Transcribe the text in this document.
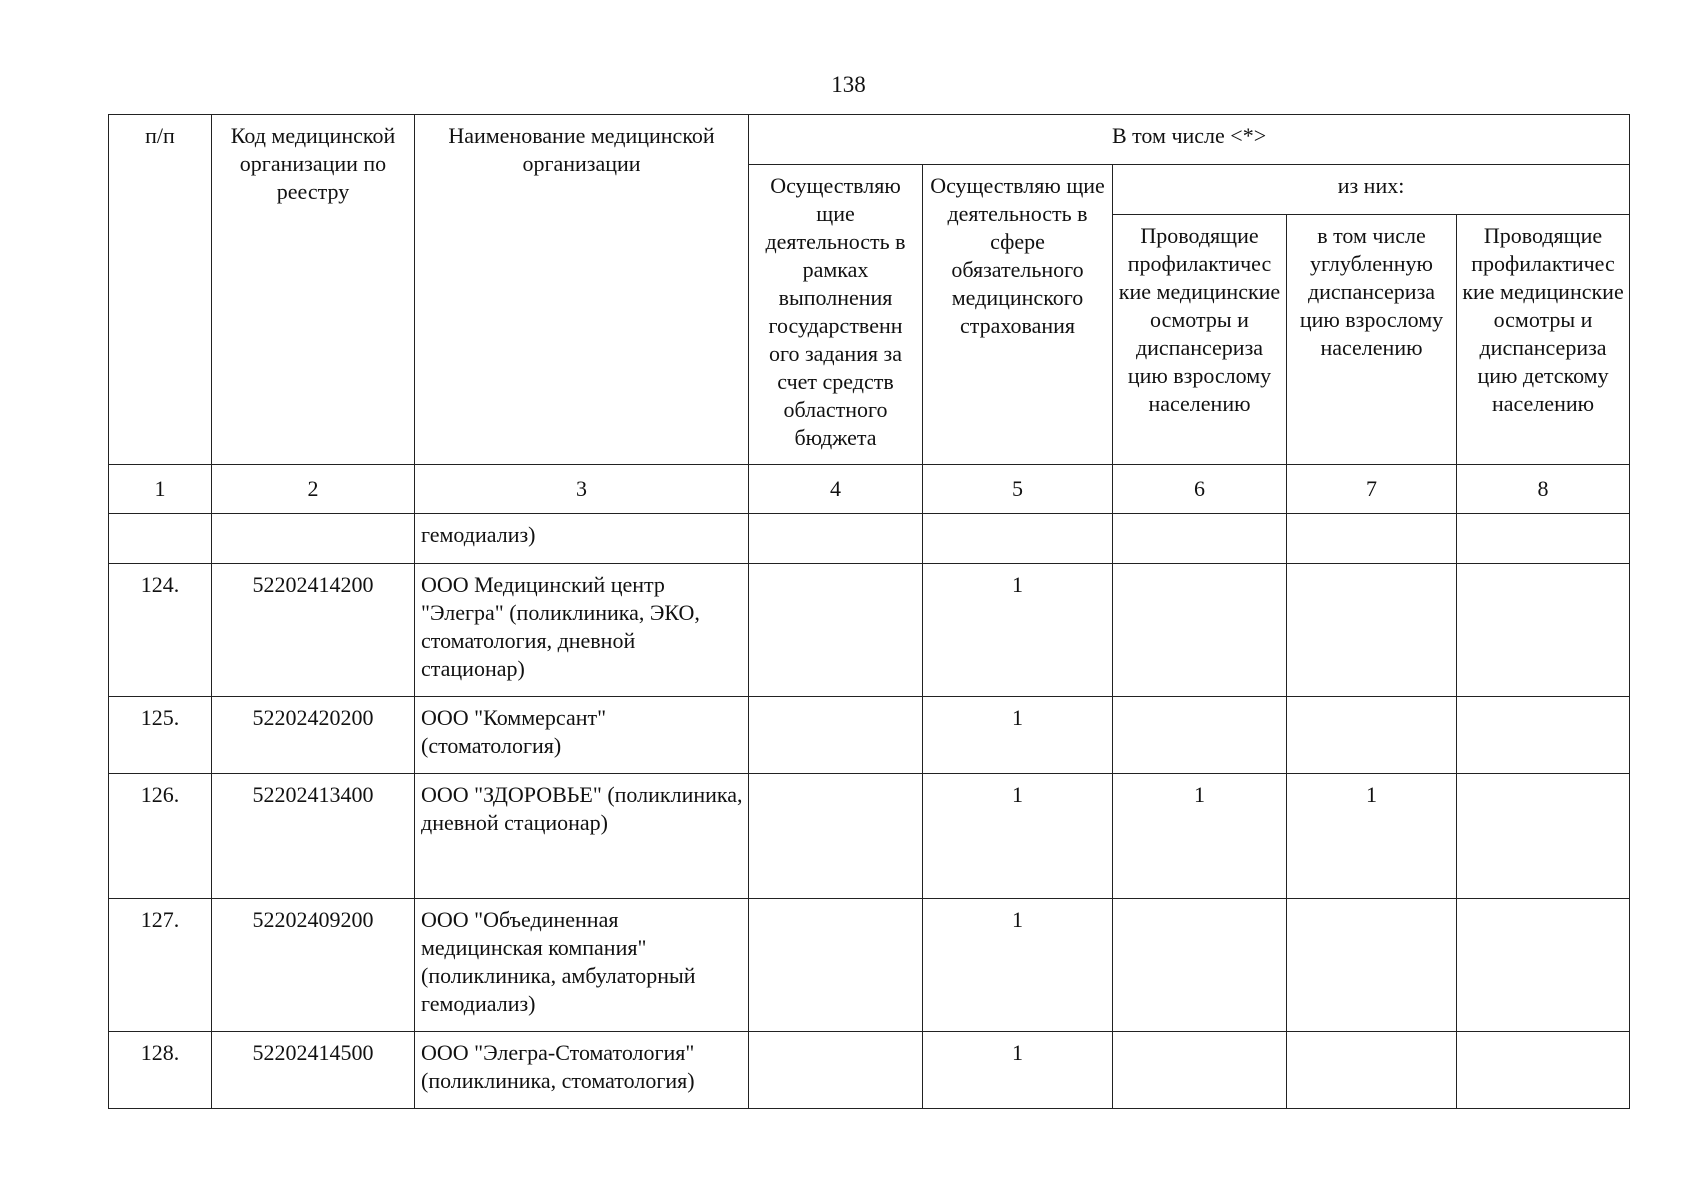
138
п/п	Код медицинской организации по реестру	Наименование медицинской организации	В том числе <*>				
			Осуществляю щие деятельность в рамках выполнения государственн ого задания за счет средств областного бюджета	Осуществляю щие деятельность в сфере обязательного медицинского страхования	из них:		
					Проводящие профилактичес кие медицинские осмотры и диспансериза цию взрослому населению	в том числе углубленную диспансериза цию взрослому населению	Проводящие профилактичес кие медицинские осмотры и диспансериза цию детскому населению
1	2	3	4	5	6	7	8
		гемодиализ)					
124.	52202414200	ООО Медицинский центр "Элегра" (поликлиника, ЭКО, стоматология, дневной стационар)		1			
125.	52202420200	ООО "Коммерсант" (стоматология)		1			
126.	52202413400	ООО "ЗДОРОВЬЕ" (поликлиника, дневной стационар)		1	1	1	
127.	52202409200	ООО "Объединенная медицинская компания" (поликлиника, амбулаторный гемодиализ)		1			
128.	52202414500	ООО "Элегра-Стоматология" (поликлиника, стоматология)		1			
